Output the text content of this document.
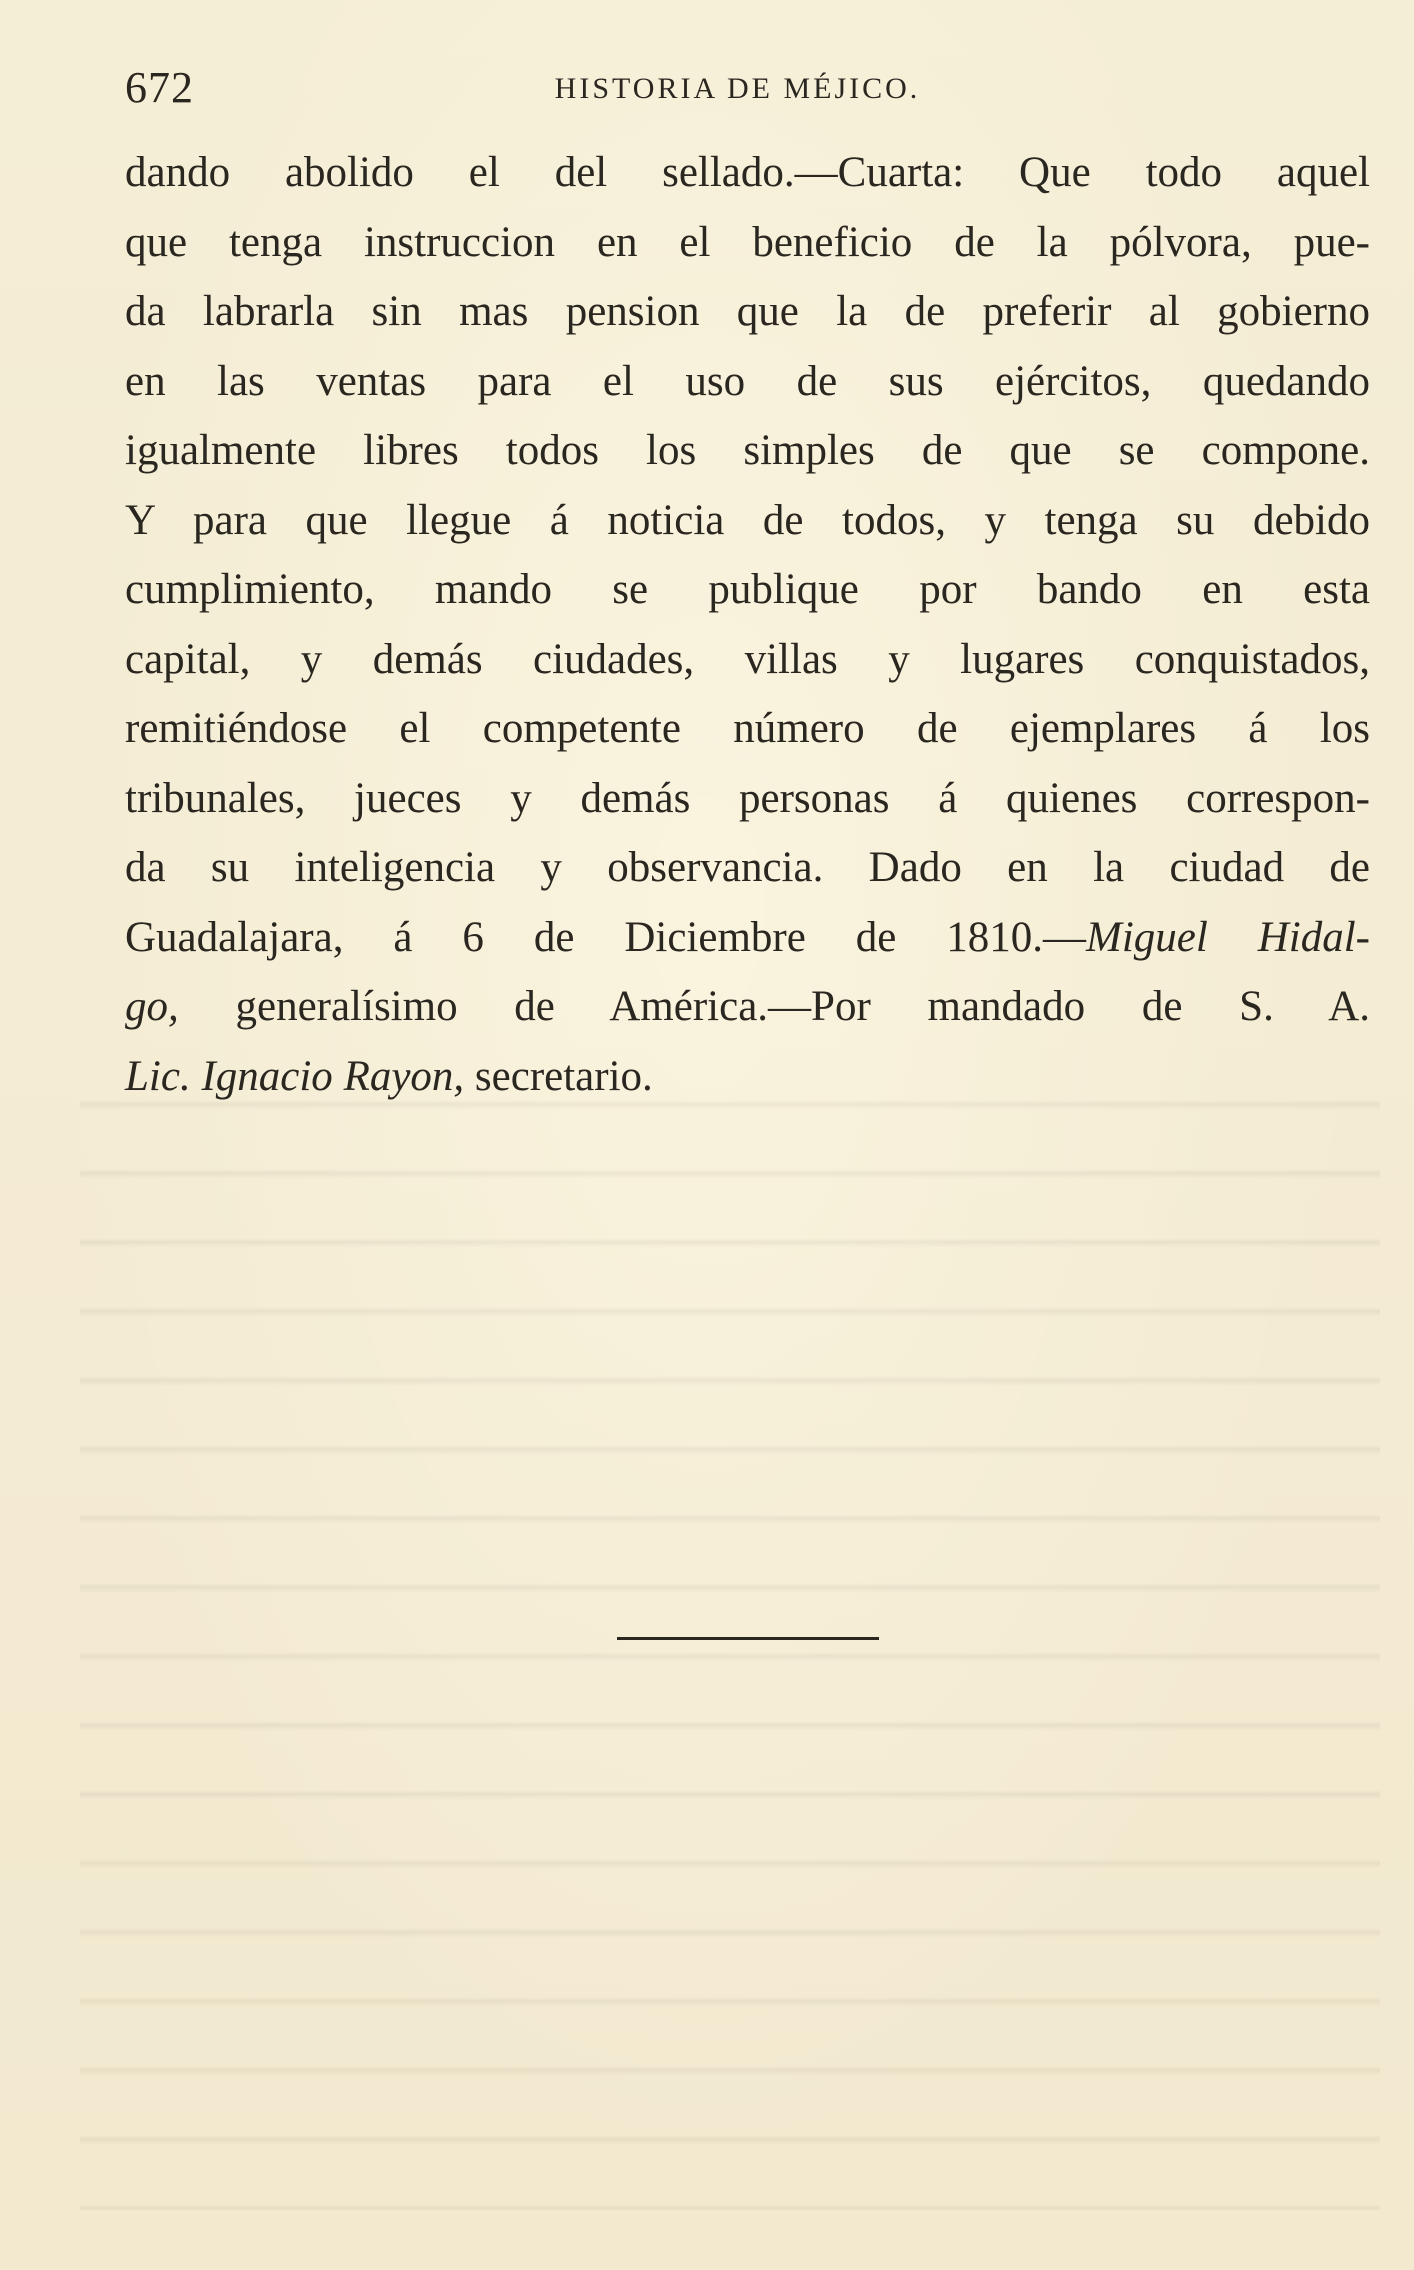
672	HISTORIA DE MÉJICO.
dando abolido el del sellado.—Cuarta: Que todo aquel
que tenga instruccion en el beneficio de la pólvora, pue-
da labrarla sin mas pension que la de preferir al gobierno
en las ventas para el uso de sus ejércitos, quedando
igualmente libres todos los simples de que se compone.
Y para que llegue á noticia de todos, y tenga su debido
cumplimiento, mando se publique por bando en esta
capital, y demás ciudades, villas y lugares conquistados,
remitiéndose el competente número de ejemplares á los
tribunales, jueces y demás personas á quienes correspon-
da su inteligencia y observancia. Dado en la ciudad de
Guadalajara, á 6 de Diciembre de 1810.—Miguel Hidal-
go, generalísimo de América.—Por mandado de S. A.
Lic. Ignacio Rayon, secretario.
